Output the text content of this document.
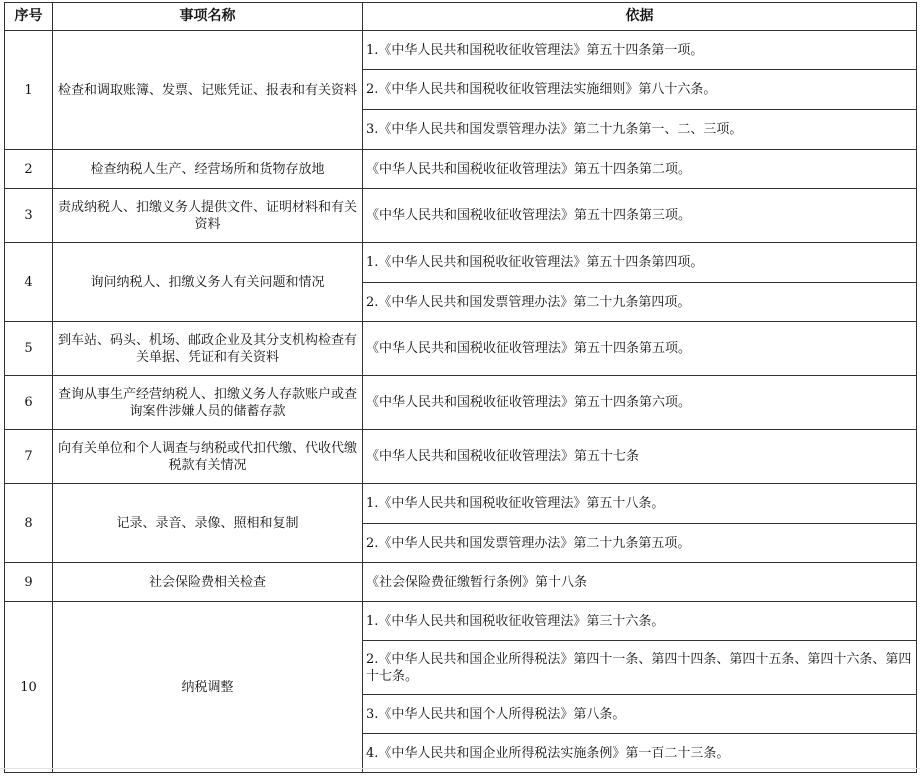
序号	事项名称	依据
1	检查和调取账簿、发票、记账凭证、报表和有关资料	1.《中华人民共和国税收征收管理法》第五十四条第一项。
		2.《中华人民共和国税收征收管理法实施细则》第八十六条。
		3.《中华人民共和国发票管理办法》第二十九条第一、二、三项。
2	检查纳税人生产、经营场所和货物存放地	《中华人民共和国税收征收管理法》第五十四条第二项。
3	责成纳税人、扣缴义务人提供文件、证明材料和有关资料	《中华人民共和国税收征收管理法》第五十四条第三项。
4	询问纳税人、扣缴义务人有关问题和情况	1.《中华人民共和国税收征收管理法》第五十四条第四项。
		2.《中华人民共和国发票管理办法》第二十九条第四项。
5	到车站、码头、机场、邮政企业及其分支机构检查有关单据、凭证和有关资料	《中华人民共和国税收征收管理法》第五十四条第五项。
6	查询从事生产经营纳税人、扣缴义务人存款账户或查询案件涉嫌人员的储蓄存款	《中华人民共和国税收征收管理法》第五十四条第六项。
7	向有关单位和个人调查与纳税或代扣代缴、代收代缴税款有关情况	《中华人民共和国税收征收管理法》第五十七条
8	记录、录音、录像、照相和复制	1.《中华人民共和国税收征收管理法》第五十八条。
		2.《中华人民共和国发票管理办法》第二十九条第五项。
9	社会保险费相关检查	《社会保险费征缴暂行条例》第十八条
10	纳税调整	1.《中华人民共和国税收征收管理法》第三十六条。
		2.《中华人民共和国企业所得税法》第四十一条、第四十四条、第四十五条、第四十六条、第四十七条。
		3.《中华人民共和国个人所得税法》第八条。
		4.《中华人民共和国企业所得税法实施条例》第一百二十三条。
